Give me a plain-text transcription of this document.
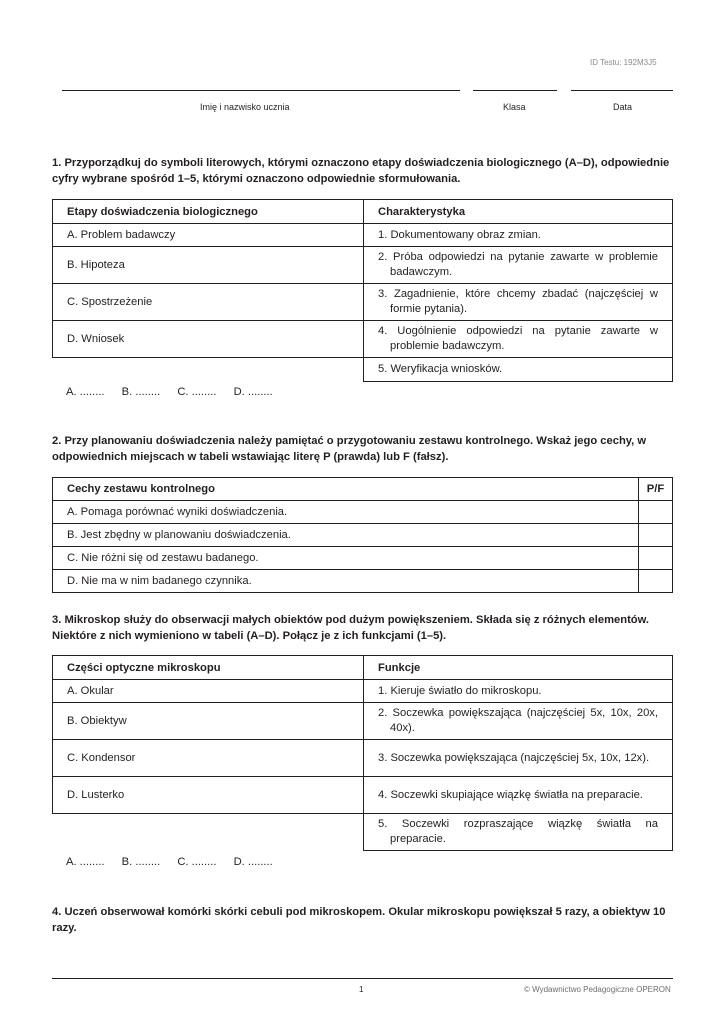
ID Testu: 192M3J5
Imię i nazwisko ucznia	Klasa	Data

1. Przyporządkuj do symboli literowych, którymi oznaczono etapy doświadczenia biologicznego (A–D), odpowiednie cyfry wybrane spośród 1–5, którymi oznaczono odpowiednie sformułowania.

Etapy doświadczenia biologicznego	Charakterystyka
A. Problem badawczy	1. Dokumentowany obraz zmian.

B. Hipoteza	2. Próba odpowiedzi na pytanie zawarte w problemie badawczym.

C. Spostrzeżenie	3. Zagadnienie, które chcemy zbadać (najczęściej w formie pytania).

D. Wniosek	4. Uogólnienie odpowiedzi na pytanie zawarte w problemie badawczym.

	5. Weryfikacja wniosków.
A. ........ B. ........ C. ........ D. ........

2. Przy planowaniu doświadczenia należy pamiętać o przygotowaniu zestawu kontrolnego. Wskaż jego cechy, w odpowiednich miejscach w tabeli wstawiając literę P (prawda) lub F (fałsz).

Cechy zestawu kontrolnego	P/F
A. Pomaga porównać wyniki doświadczenia.	
B. Jest zbędny w planowaniu doświadczenia.	
C. Nie różni się od zestawu badanego.	
D. Nie ma w nim badanego czynnika.	

3. Mikroskop służy do obserwacji małych obiektów pod dużym powiększeniem. Składa się z różnych elementów. Niektóre z nich wymieniono w tabeli (A–D). Połącz je z ich funkcjami (1–5).

Części optyczne mikroskopu	Funkcje
A. Okular	1. Kieruje światło do mikroskopu.

B. Obiektyw	2. Soczewka powiększająca (najczęściej 5x, 10x, 20x, 40x).

C. Kondensor	3. Soczewka powiększająca (najczęściej 5x, 10x, 12x).

D. Lusterko	4. Soczewki skupiające wiązkę światła na preparacie.

	5. Soczewki rozpraszające wiązkę światła na preparacie.
A. ........ B. ........ C. ........ D. ........

4. Uczeń obserwował komórki skórki cebuli pod mikroskopem. Okular mikroskopu powiększał 5 razy, a obiektyw 10 razy.

1	© Wydawnictwo Pedagogiczne OPERON
